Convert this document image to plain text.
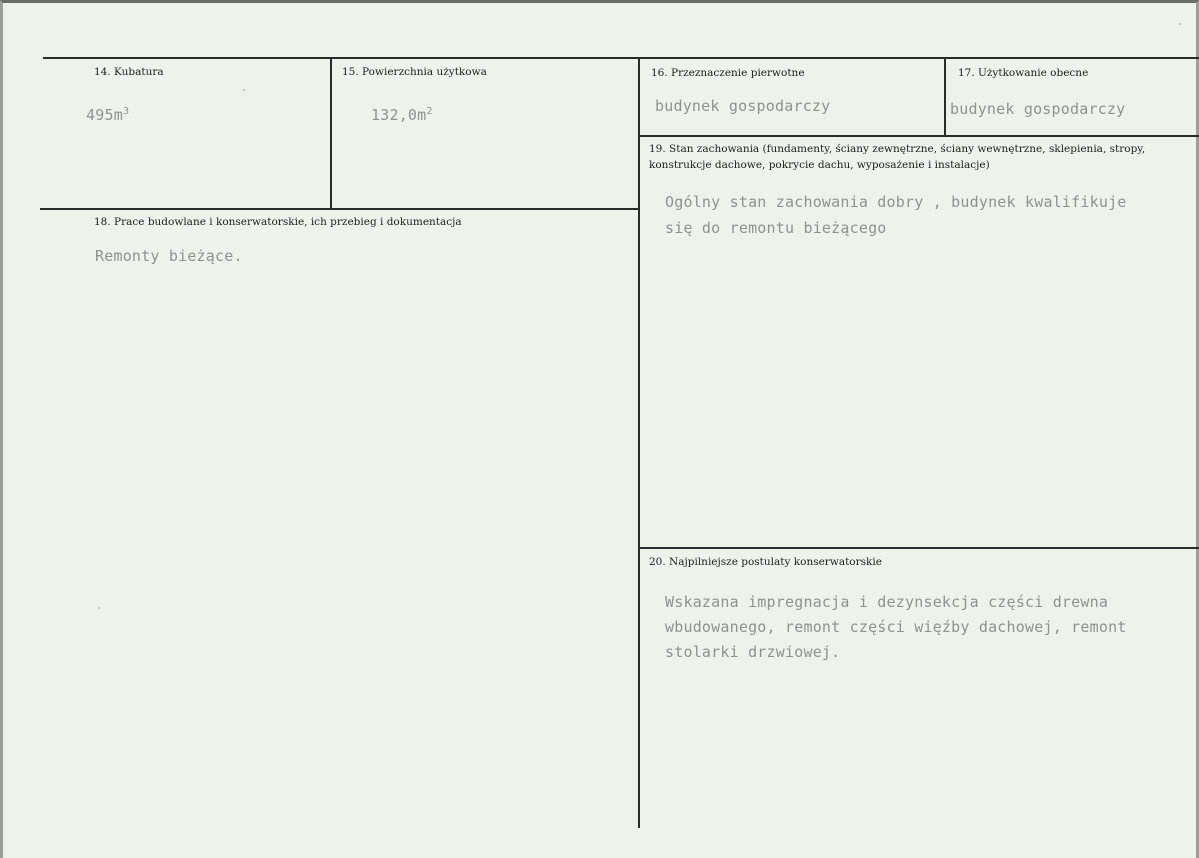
14. Kubatura
$495m^3$
15. Powierzchnia użytkowa
$132,0m^2$
16. Przeznaczenie pierwotne
budynek gospodarczy
17. Użytkowanie obecne
budynek gospodarczy
18. Prace budowlane i konserwatorskie, ich przebieg i dokumentacja
Remonty bieżące.
19. Stan zachowania (fundamenty, ściany zewnętrzne, ściany wewnętrzne, sklepienia, stropy, konstrukcje dachowe, pokrycie dachu, wyposażenie i instalacje)
Ogólny stan zachowania dobry , budynek kwalifikuje
się do remontu bieżącego
20. Najpilniejsze postulaty konserwatorskie
Wskazana impregnacja i dezynsekcja części drewna
wbudowanego, remont części więźby dachowej, remont
stolarki drzwiowej.
